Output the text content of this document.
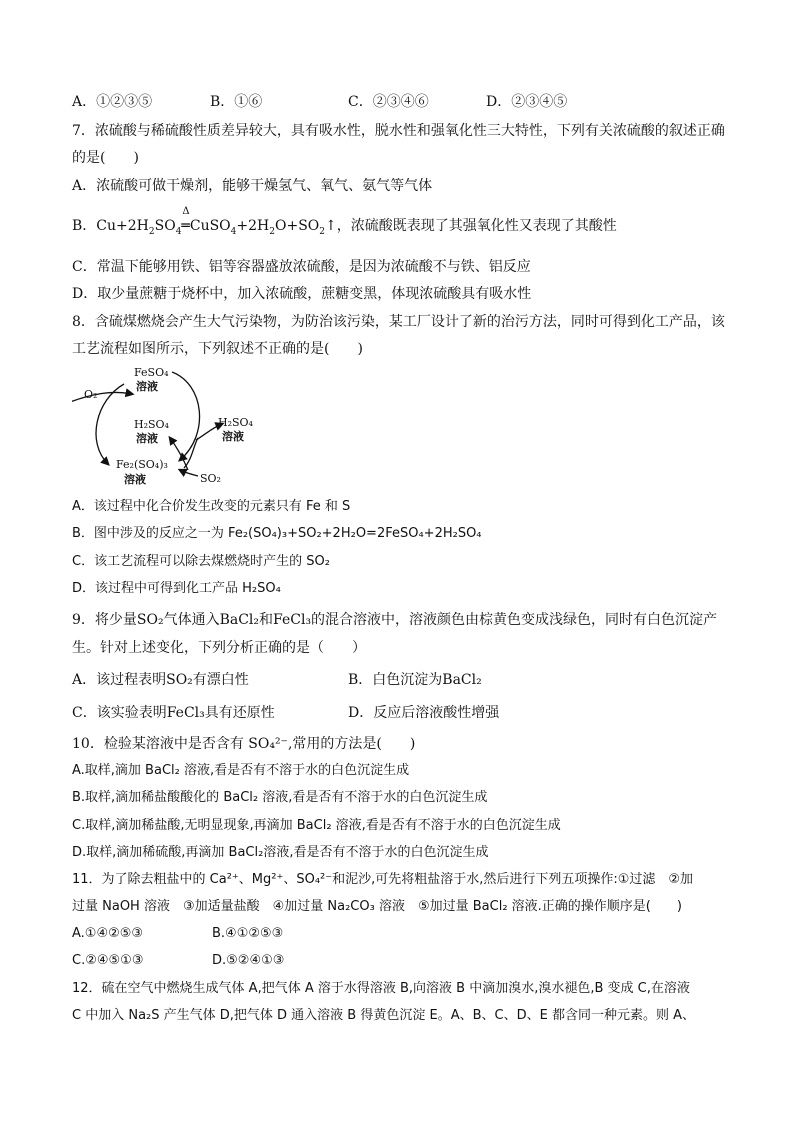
A．①②③⑤	B．①⑥	C．②③④⑥	D．②③④⑤
7．浓硫酸与稀硫酸性质差异较大，具有吸水性，脱水性和强氧化性三大特性，下列有关浓硫酸的叙述正确
的是(　　)
A．浓硫酸可做干燥剂，能够干燥氢气、氧气、氨气等气体
B．$Cu+2H_2SO_4$
Δ
$═CuSO_4+2H_2O+SO_2↑$，浓硫酸既表现了其强氧化性又表现了其酸性
C．常温下能够用铁、铝等容器盛放浓硫酸，是因为浓硫酸不与铁、铝反应
D．取少量蔗糖于烧杯中，加入浓硫酸，蔗糖变黑，体现浓硫酸具有吸水性
8．含硫煤燃烧会产生大气污染物，为防治该污染，某工厂设计了新的治污方法，同时可得到化工产品，该
工艺流程如图所示，下列叙述不正确的是(　　)
O₂
FeSO₄
溶液
H₂SO₄
溶液
H₂SO₄
溶液
Fe₂(SO₄)₃
溶液	SO₂
A．该过程中化合价发生改变的元素只有 Fe 和 S
B．图中涉及的反应之一为 Fe₂(SO₄)₃+SO₂+2H₂O=2FeSO₄+2H₂SO₄
C．该工艺流程可以除去煤燃烧时产生的 SO₂
D．该过程中可得到化工产品 H₂SO₄
9．将少量SO₂气体通入BaCl₂和FeCl₃的混合溶液中，溶液颜色由棕黄色变成浅绿色，同时有白色沉淀产
生。针对上述变化，下列分析正确的是（　　）
A．该过程表明SO₂有漂白性	B．白色沉淀为BaCl₂
C．该实验表明FeCl₃具有还原性	D．反应后溶液酸性增强
10．检验某溶液中是否含有 SO₄²⁻,常用的方法是(　　)
A.取样,滴加 BaCl₂ 溶液,看是否有不溶于水的白色沉淀生成
B.取样,滴加稀盐酸酸化的 BaCl₂ 溶液,看是否有不溶于水的白色沉淀生成
C.取样,滴加稀盐酸,无明显现象,再滴加 BaCl₂ 溶液,看是否有不溶于水的白色沉淀生成
D.取样,滴加稀硫酸,再滴加 BaCl₂溶液,看是否有不溶于水的白色沉淀生成
11．为了除去粗盐中的 Ca²⁺、Mg²⁺、SO₄²⁻和泥沙,可先将粗盐溶于水,然后进行下列五项操作:①过滤　②加
过量 NaOH 溶液　③加适量盐酸　④加过量 Na₂CO₃ 溶液　⑤加过量 BaCl₂ 溶液.正确的操作顺序是(　　)
A.①④②⑤③	B.④①②⑤③
C.②④⑤①③	D.⑤②④①③
12．硫在空气中燃烧生成气体 A,把气体 A 溶于水得溶液 B,向溶液 B 中滴加溴水,溴水褪色,B 变成 C,在溶液
C 中加入 Na₂S 产生气体 D,把气体 D 通入溶液 B 得黄色沉淀 E。A、B、C、D、E 都含同一种元素。则 A、
